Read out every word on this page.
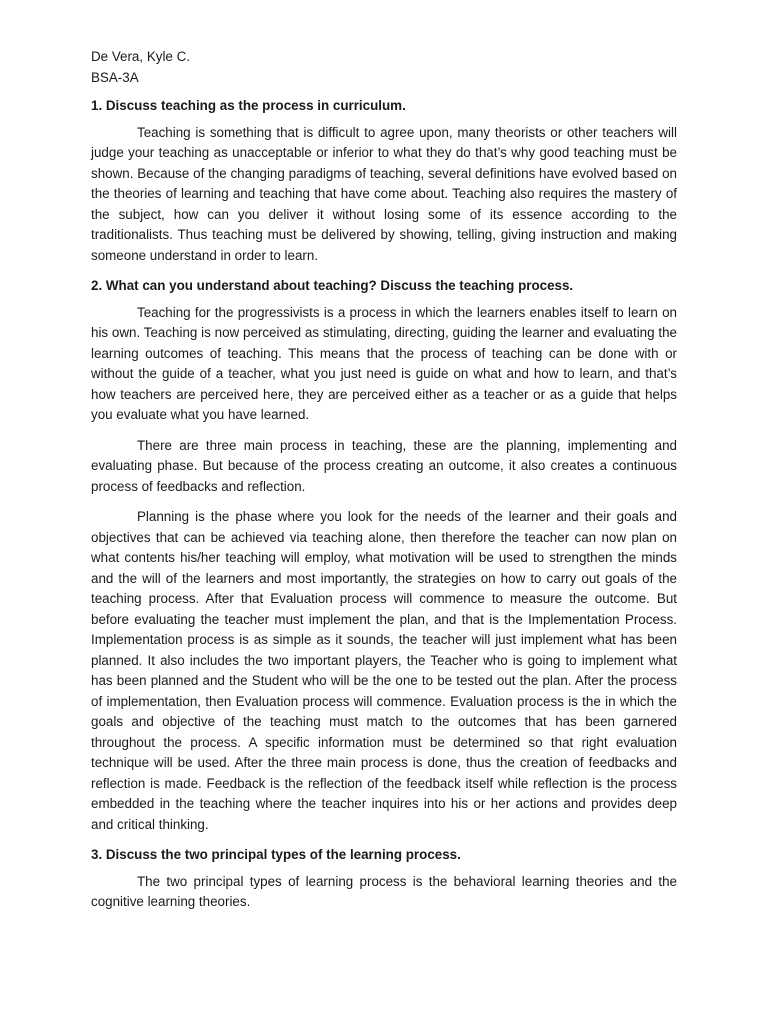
De Vera, Kyle C.

BSA-3A

1. Discuss teaching as the process in curriculum.

Teaching is something that is difficult to agree upon, many theorists or other teachers will judge your teaching as unacceptable or inferior to what they do that’s why good teaching must be shown. Because of the changing paradigms of teaching, several definitions have evolved based on the theories of learning and teaching that have come about. Teaching also requires the mastery of the subject, how can you deliver it without losing some of its essence according to the traditionalists. Thus teaching must be delivered by showing, telling, giving instruction and making someone understand in order to learn.

2. What can you understand about teaching? Discuss the teaching process.

Teaching for the progressivists is a process in which the learners enables itself to learn on his own. Teaching is now perceived as stimulating, directing, guiding the learner and evaluating the learning outcomes of teaching. This means that the process of teaching can be done with or without the guide of a teacher, what you just need is guide on what and how to learn, and that’s how teachers are perceived here, they are perceived either as a teacher or as a guide that helps you evaluate what you have learned.

There are three main process in teaching, these are the planning, implementing and evaluating phase. But because of the process creating an outcome, it also creates a continuous process of feedbacks and reflection.

Planning is the phase where you look for the needs of the learner and their goals and objectives that can be achieved via teaching alone, then therefore the teacher can now plan on what contents his/her teaching will employ, what motivation will be used to strengthen the minds and the will of the learners and most importantly, the strategies on how to carry out goals of the teaching process. After that Evaluation process will commence to measure the outcome. But before evaluating the teacher must implement the plan, and that is the Implementation Process. Implementation process is as simple as it sounds, the teacher will just implement what has been planned. It also includes the two important players, the Teacher who is going to implement what has been planned and the Student who will be the one to be tested out the plan. After the process of implementation, then Evaluation process will commence. Evaluation process is the in which the goals and objective of the teaching must match to the outcomes that has been garnered throughout the process. A specific information must be determined so that right evaluation technique will be used. After the three main process is done, thus the creation of feedbacks and reflection is made. Feedback is the reflection of the feedback itself while reflection is the process embedded in the teaching where the teacher inquires into his or her actions and provides deep and critical thinking.

3. Discuss the two principal types of the learning process.

The two principal types of learning process is the behavioral learning theories and the cognitive learning theories.
